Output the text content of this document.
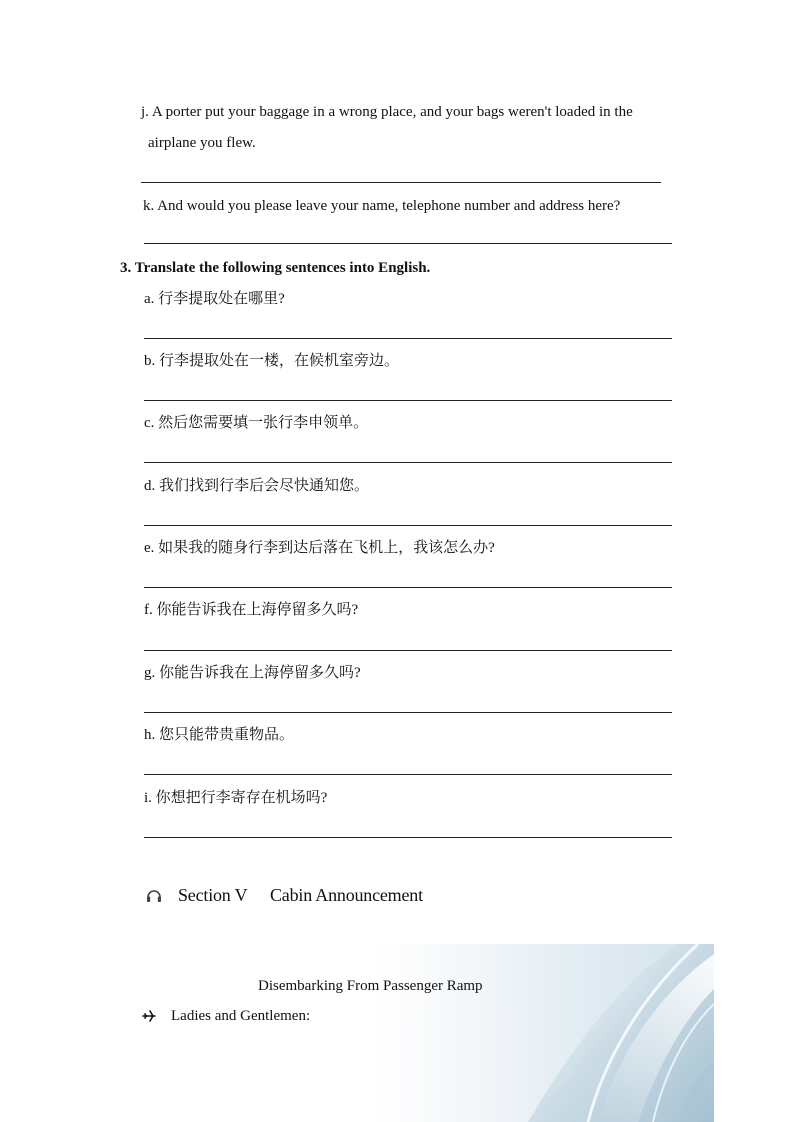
j. A porter put your baggage in a wrong place, and your bags weren't loaded in the
airplane you flew.
k. And would you please leave your name, telephone number and address here?
3. Translate the following sentences into English.
a. 行李提取处在哪里?
b. 行李提取处在一楼，在候机室旁边。
c. 然后您需要填一张行李申领单。
d. 我们找到行李后会尽快通知您。
e. 如果我的随身行李到达后落在飞机上，我该怎么办?
f. 你能告诉我在上海停留多久吗?
g. 你能告诉我在上海停留多久吗?
h. 您只能带贵重物品。
i. 你想把行李寄存在机场吗?
Section V Cabin Announcement
Disembarking From Passenger Ramp
Ladies and Gentlemen:
